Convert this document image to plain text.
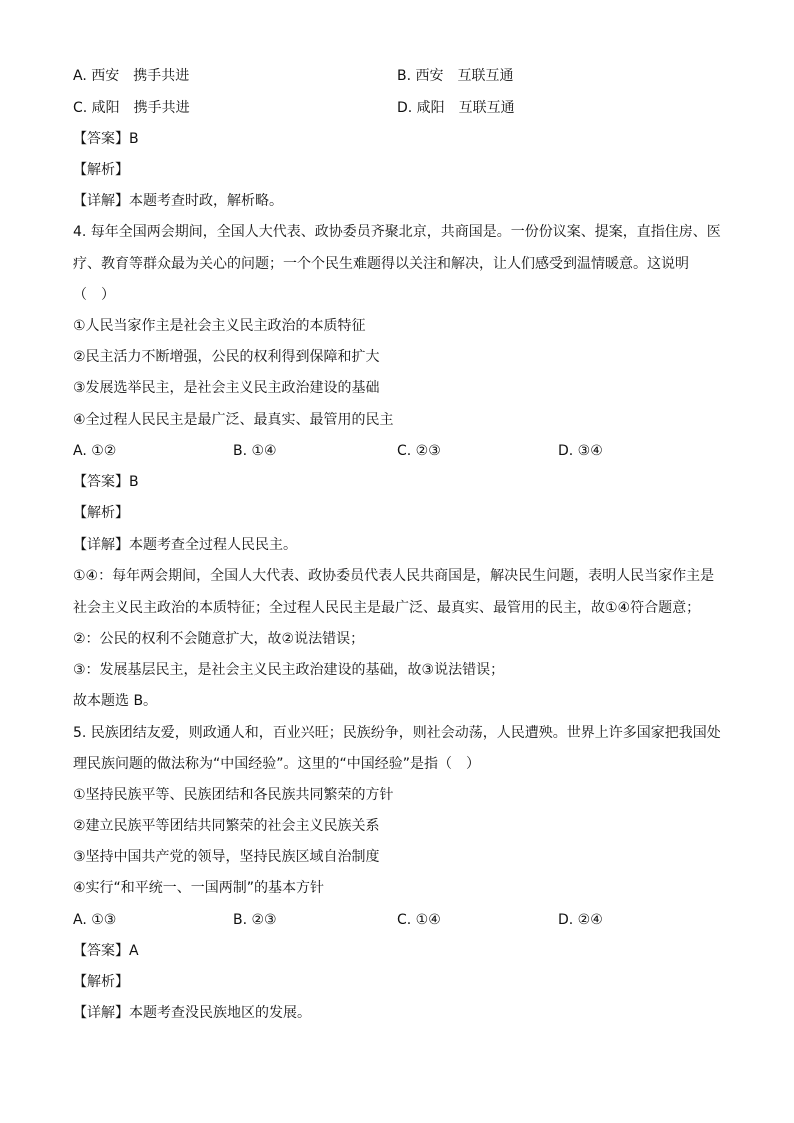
A. 西安　携手共进	B. 西安　互联互通
C. 咸阳　携手共进	D. 咸阳　互联互通
【答案】B
【解析】
【详解】本题考查时政，解析略。
4. 每年全国两会期间，全国人大代表、政协委员齐聚北京，共商国是。一份份议案、提案，直指住房、医
疗、教育等群众最为关心的问题；一个个民生难题得以关注和解决，让人们感受到温情暖意。这说明
（　）
①人民当家作主是社会主义民主政治的本质特征
②民主活力不断增强，公民的权利得到保障和扩大
③发展选举民主，是社会主义民主政治建设的基础
④全过程人民民主是最广泛、最真实、最管用的民主
A. ①②	B. ①④	C. ②③	D. ③④
【答案】B
【解析】
【详解】本题考查全过程人民民主。
①④：每年两会期间，全国人大代表、政协委员代表人民共商国是，解决民生问题，表明人民当家作主是
社会主义民主政治的本质特征；全过程人民民主是最广泛、最真实、最管用的民主，故①④符合题意；
②：公民的权利不会随意扩大，故②说法错误；
③：发展基层民主，是社会主义民主政治建设的基础，故③说法错误；
故本题选 B。
5. 民族团结友爱，则政通人和，百业兴旺；民族纷争，则社会动荡，人民遭殃。世界上许多国家把我国处
理民族问题的做法称为“中国经验”。这里的“中国经验”是指（　）
①坚持民族平等、民族团结和各民族共同繁荣的方针
②建立民族平等团结共同繁荣的社会主义民族关系
③坚持中国共产党的领导，坚持民族区域自治制度
④实行“和平统一、一国两制”的基本方针
A. ①③	B. ②③	C. ①④	D. ②④
【答案】A
【解析】
【详解】本题考查没民族地区的发展。
